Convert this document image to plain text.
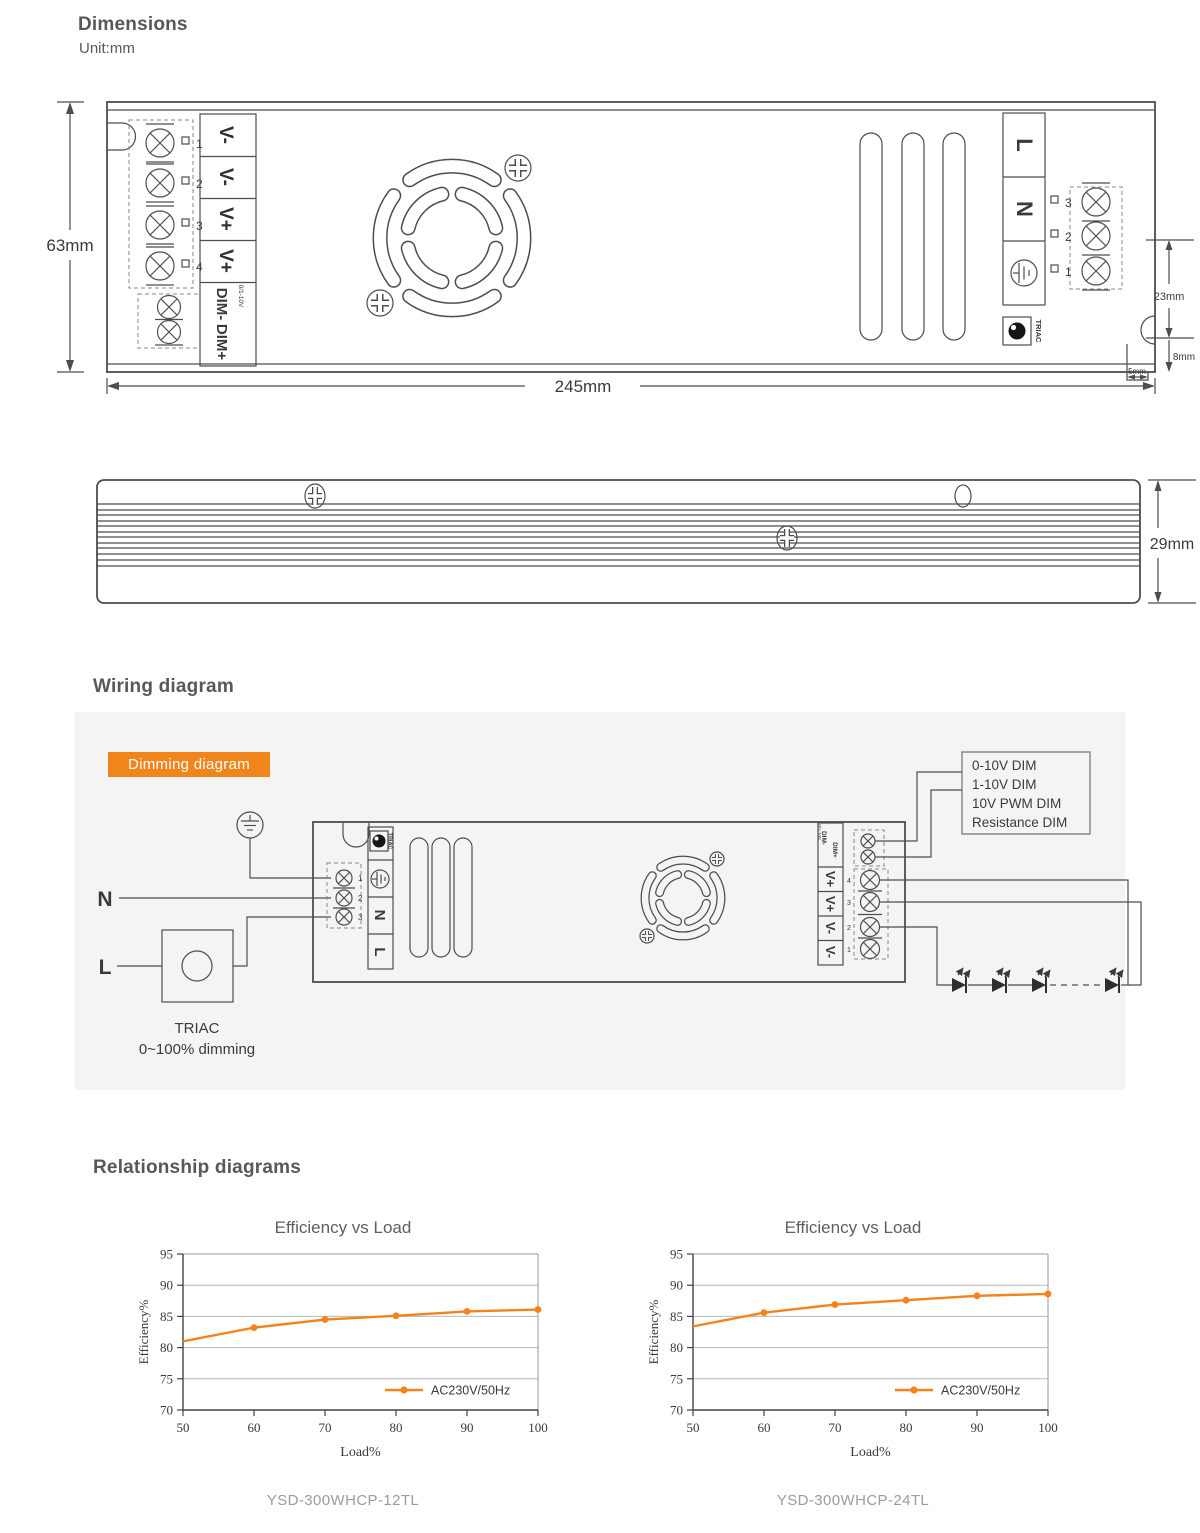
Dimensions
Unit:mm
1
2
3
4
V-
V-
V+
V+
DIM- 0/1-10V
DIM+
L
N
TRIAC
3
2
1
63mm
245mm
23mm
8mm
5mm
29mm
Wiring diagram
Dimming diagram
N
L
TRIAC
0~100% dimming
1
2
3
TRIAC
N
L
DIM-
0/1-10V
DIM+
V+
V+
V-
V-
4
3
2
1
0-10V DIM
1-10V DIM
10V PWM DIM
Resistance DIM
Relationship diagrams
Efficiency vs Load
70
75
80
85
90
95
50	60	70	80	90	100
Efficiency%
Load%
AC230V/50Hz
YSD-300WHCP-12TL
Efficiency vs Load
70
75
80
85
90
95
50	60	70	80	90	100
Efficiency%
Load%
AC230V/50Hz
YSD-300WHCP-24TL
